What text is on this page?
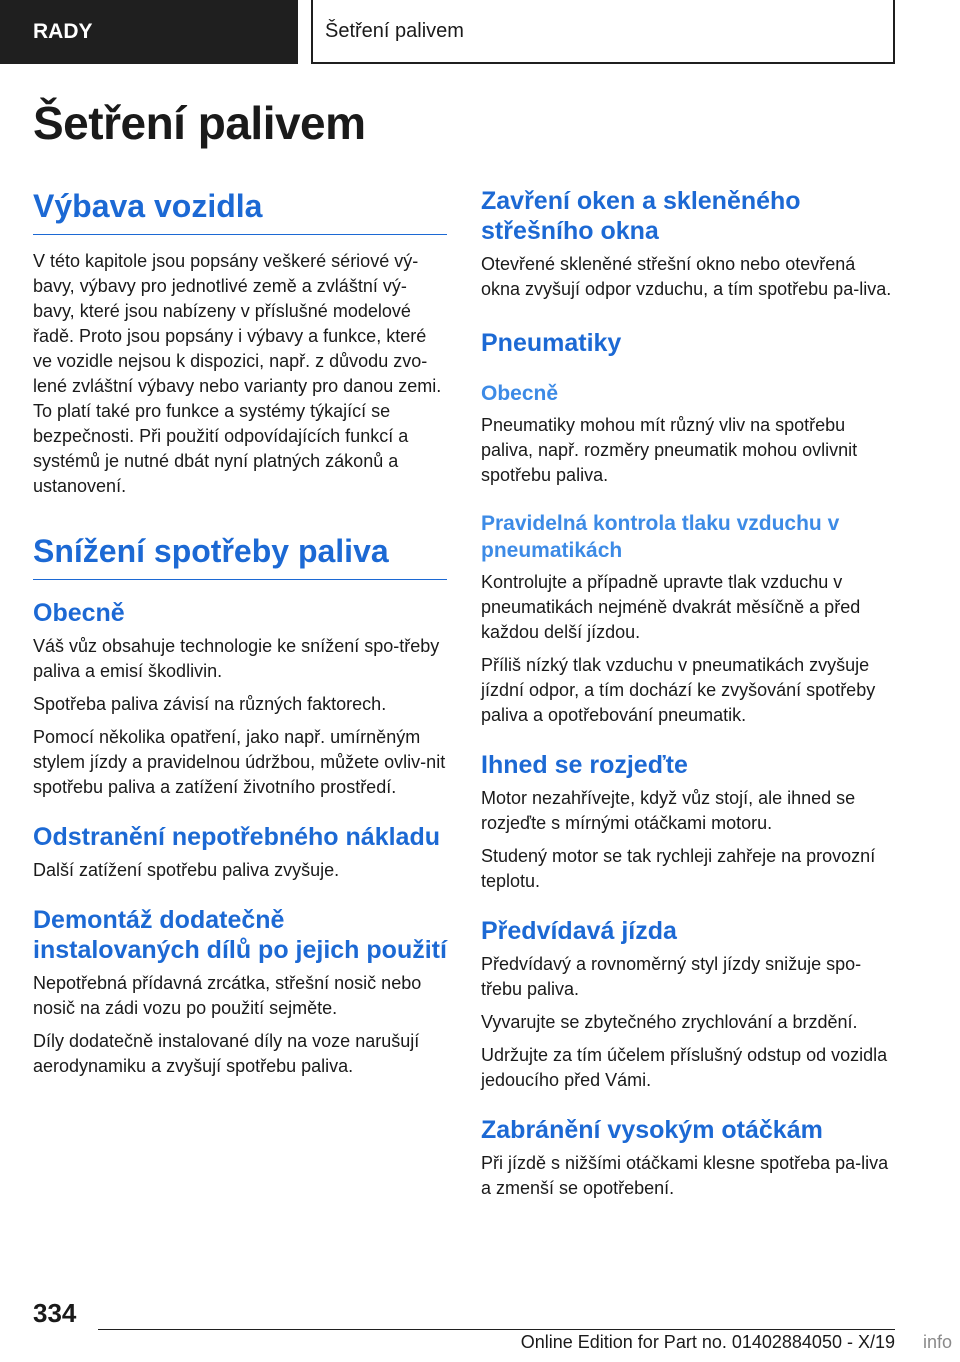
RADY	Šetření palivem
Šetření palivem
Výbava vozidla

V této kapitole jsou popsány veškeré sériové vý‐bavy, výbavy pro jednotlivé země a zvláštní vý‐bavy, které jsou nabízeny v příslušné modelové řadě. Proto jsou popsány i výbavy a funkce, které ve vozidle nejsou k dispozici, např. z důvodu zvo‐lené zvláštní výbavy nebo varianty pro danou zemi. To platí také pro funkce a systémy týkající se bezpečnosti. Při použití odpovídajících funkcí a systémů je nutné dbát nyní platných zákonů a ustanovení.

Snížení spotřeby paliva
Obecně

Váš vůz obsahuje technologie ke snížení spo‐třeby paliva a emisí škodlivin.

Spotřeba paliva závisí na různých faktorech.

Pomocí několika opatření, jako např. umírněným stylem jízdy a pravidelnou údržbou, můžete ovliv‐nit spotřebu paliva a zatížení životního prostředí.

Odstranění nepotřebného nákladu

Další zatížení spotřebu paliva zvyšuje.

Demontáž dodatečně instalovaných dílů po jejich použití

Nepotřebná přídavná zrcátka, střešní nosič nebo nosič na zádi vozu po použití sejměte.

Díly dodatečně instalované díly na voze narušují aerodynamiku a zvyšují spotřebu paliva.

Zavření oken a skleněného střešního okna

Otevřené skleněné střešní okno nebo otevřená okna zvyšují odpor vzduchu, a tím spotřebu pa‐liva.

Pneumatiky
Obecně

Pneumatiky mohou mít různý vliv na spotřebu paliva, např. rozměry pneumatik mohou ovlivnit spotřebu paliva.

Pravidelná kontrola tlaku vzduchu v pneumatikách

Kontrolujte a případně upravte tlak vzduchu v pneumatikách nejméně dvakrát měsíčně a před každou delší jízdou.

Příliš nízký tlak vzduchu v pneumatikách zvyšuje jízdní odpor, a tím dochází ke zvyšování spotřeby paliva a opotřebování pneumatik.

Ihned se rozjeďte

Motor nezahřívejte, když vůz stojí, ale ihned se rozjeďte s mírnými otáčkami motoru.

Studený motor se tak rychleji zahřeje na provozní teplotu.

Předvídavá jízda

Předvídavý a rovnoměrný styl jízdy snižuje spo‐třebu paliva.

Vyvarujte se zbytečného zrychlování a brzdění.

Udržujte za tím účelem příslušný odstup od vozidla jedoucího před Vámi.

Zabránění vysokým otáčkám

Při jízdě s nižšími otáčkami klesne spotřeba pa‐liva a zmenší se opotřebení.

334
Online Edition for Part no. 01402884050 - X/19 info
